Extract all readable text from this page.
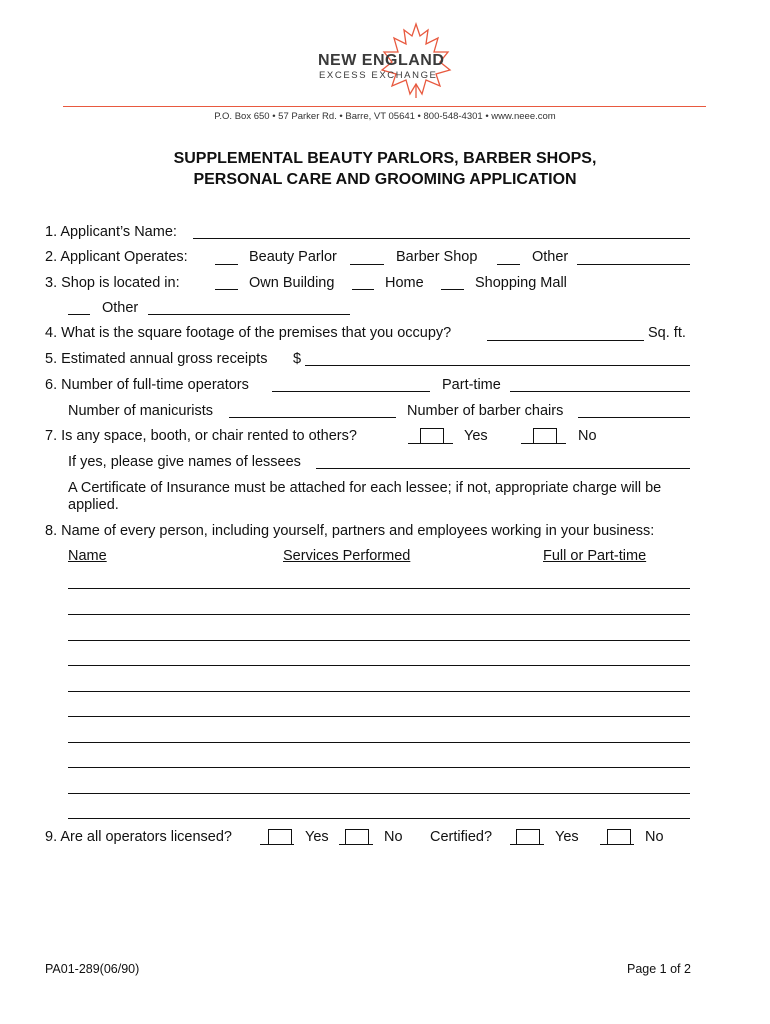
NEW ENGLAND
EXCESS EXCHANGE
P.O. Box 650 • 57 Parker Rd. • Barre, VT 05641 • 800-548-4301 • www.neee.com
SUPPLEMENTAL BEAUTY PARLORS, BARBER SHOPS,
PERSONAL CARE AND GROOMING APPLICATION
1. Applicant’s Name:
2. Applicant Operates:	Beauty Parlor	Barber Shop	Other
3. Shop is located in:	Own Building	Home	Shopping Mall
Other
4. What is the square footage of the premises that you occupy?	Sq. ft.
5. Estimated annual gross receipts $
6. Number of full-time operators	Part-time
Number of manicurists	Number of barber chairs
7. Is any space, booth, or chair rented to others?	Yes	No
If yes, please give names of lessees
A Certificate of Insurance must be attached for each lessee; if not, appropriate charge will be
applied.
8. Name of every person, including yourself, partners and employees working in your business:
Name	Services Performed	Full or Part-time
9. Are all operators licensed?	Yes	No Certified?	Yes	No
PA01-289(06/90)	Page 1 of 2
